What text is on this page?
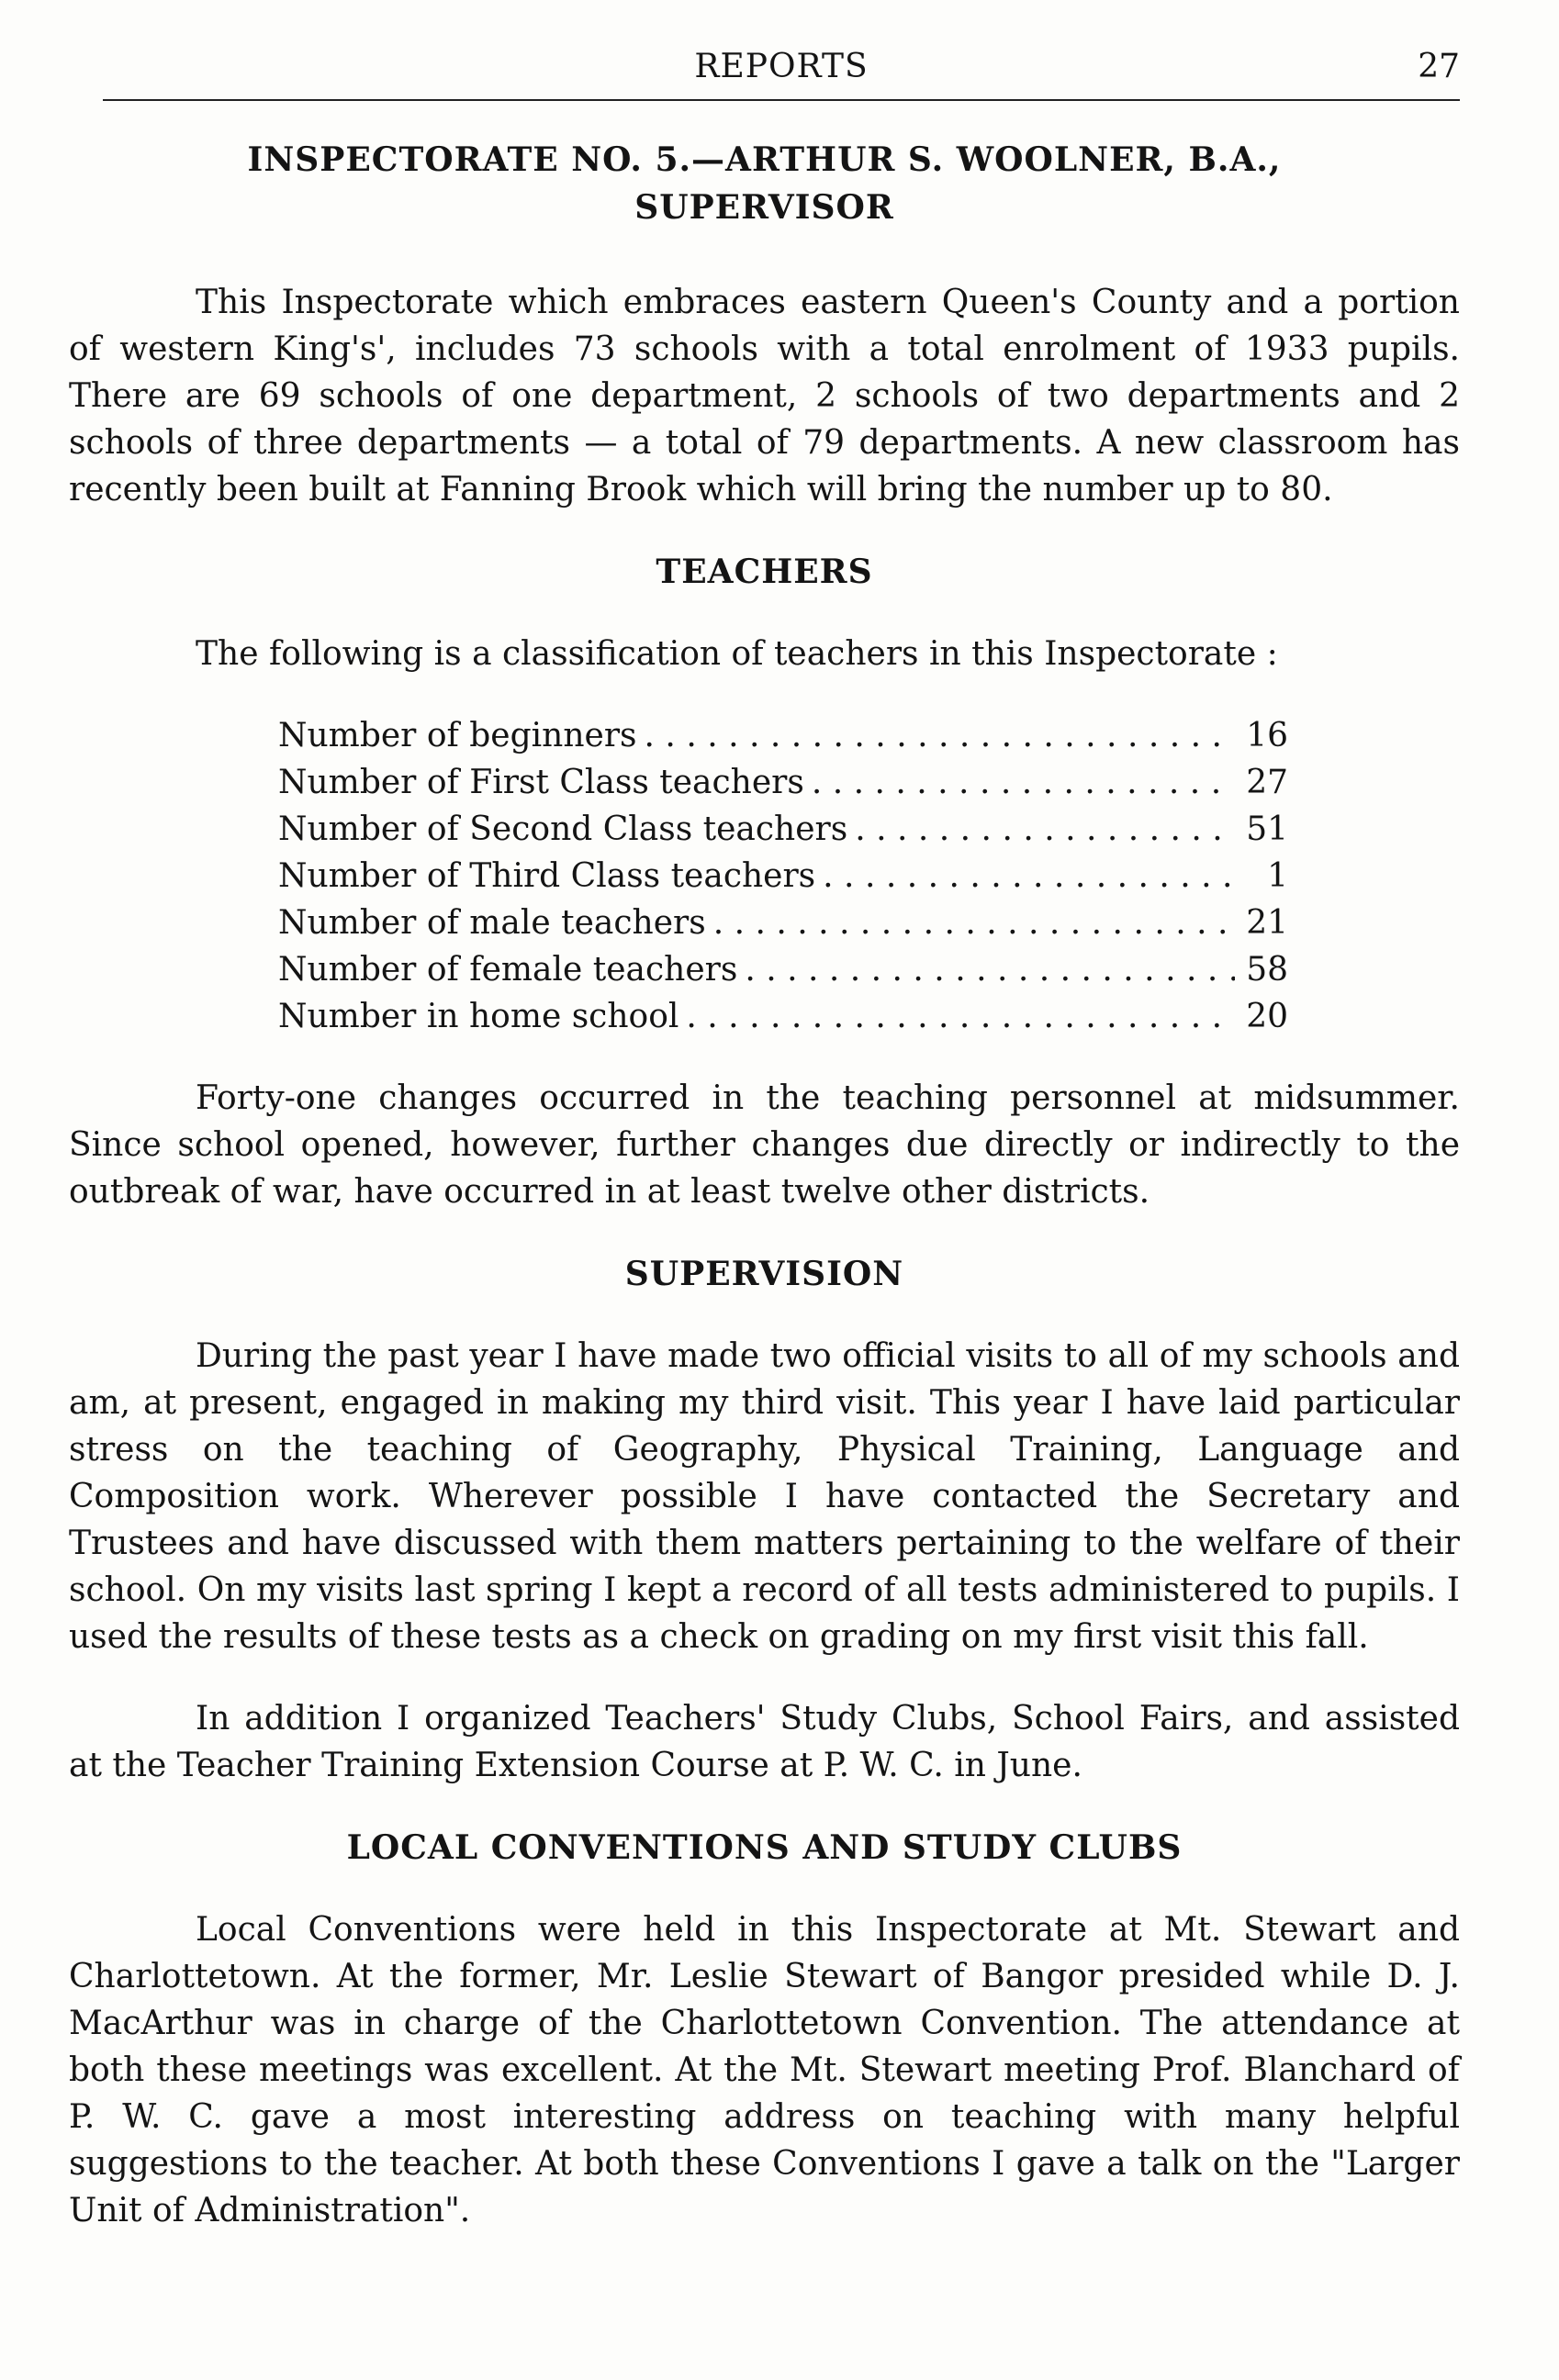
REPORTS	27
INSPECTORATE NO. 5.—ARTHUR S. WOOLNER, B.A.,
SUPERVISOR

This Inspectorate which embraces eastern Queen's County and a portion of western King's', includes 73 schools with a total enrolment of 1933 pupils. There are 69 schools of one department, 2 schools of two departments and 2 schools of three departments — a total of 79 departments. A new classroom has recently been built at Fanning Brook which will bring the number up to 80.

TEACHERS

The following is a classification of teachers in this Inspectorate :

Number of beginners . . .	16
Number of First Class teachers . . .	27
Number of Second Class teachers . . .	51
Number of Third Class teachers . . .	1
Number of male teachers . . .	21
Number of female teachers . . .	58
Number in home school . . .	20

Forty-one changes occurred in the teaching personnel at midsummer. Since school opened, however, further changes due directly or indirectly to the outbreak of war, have occurred in at least twelve other districts.

SUPERVISION

During the past year I have made two official visits to all of my schools and am, at present, engaged in making my third visit. This year I have laid particular stress on the teaching of Geography, Physical Training, Language and Composition work. Wherever possible I have contacted the Secretary and Trustees and have discussed with them matters pertaining to the welfare of their school. On my visits last spring I kept a record of all tests administered to pupils. I used the results of these tests as a check on grading on my first visit this fall.

In addition I organized Teachers' Study Clubs, School Fairs, and assisted at the Teacher Training Extension Course at P. W. C. in June.

LOCAL CONVENTIONS AND STUDY CLUBS

Local Conventions were held in this Inspectorate at Mt. Stewart and Charlottetown. At the former, Mr. Leslie Stewart of Bangor presided while D. J. MacArthur was in charge of the Charlottetown Convention. The attendance at both these meetings was excellent. At the Mt. Stewart meeting Prof. Blanchard of P. W. C. gave a most interesting address on teaching with many helpful suggestions to the teacher. At both these Conventions I gave a talk on the "Larger Unit of Administration".
